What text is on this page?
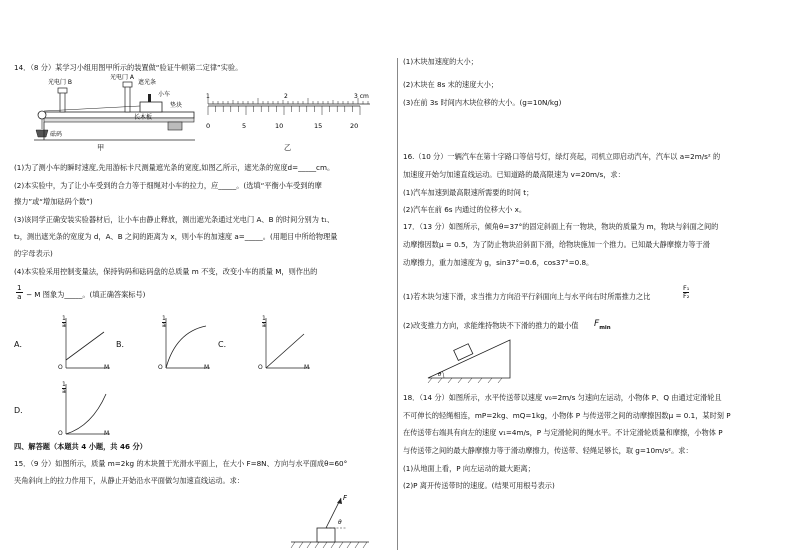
14．（8 分）某学习小组用图甲所示的装置做“验证牛顿第二定律”实验。
光电门 B
光电门 A
遮光条
小车
垫块
长木板
砝码
1	2	3 cm
0	5	10	15	20
甲	乙
(1)为了测小车的瞬时速度,先用游标卡尺测量遮光条的宽度,如图乙所示，遮光条的宽度d=_____cm。
(2)本实验中，为了让小车受到的合力等于细绳对小车的拉力，应_____。(选填“平衡小车受到的摩
擦力”或“增加砝码个数”)
(3)该同学正确安装实验器材后，让小车由静止释放，测出遮光条通过光电门 A、B 的时间分别为 t₁、
t₂，测出遮光条的宽度为 d，A、B 之间的距离为 x，则小车的加速度 a=_____。(用题目中所给物理量
的字母表示)
(4)本实验采用控制变量法，保持钩码和砝码盘的总质量 m 不变，改变小车的质量 M，则作出的
1
a − M 图象为_____。(填正确答案标号)
A．	B．	C．
D．
1
a
1
a
1
a
1
a
O	M	O	M	O	M
O	M
四、解答题（本题共 4 小题，共 46 分）
15．（9 分）如图所示，质量 m=2kg 的木块置于光滑水平面上，在大小 F=8N、方向与水平面成θ=60°
夹角斜向上的拉力作用下，从静止开始沿水平面做匀加速直线运动。求：
F
θ
(1)木块加速度的大小；
(2)木块在 8s 末的速度大小；
(3)在前 3s 时间内木块位移的大小。(g=10N/kg)
16.（10 分）一辆汽车在第十字路口等信号灯，绿灯亮起，司机立即启动汽车，汽车以 a=2m/s² 的
加速度开始匀加速直线运动。已知道路的最高限速为 v=20m/s，求：
(1)汽车加速到最高限速所需要的时间 t；
(2)汽车在前 6s 内通过的位移大小 x。
17．（13 分）如图所示，倾角θ=37°的固定斜面上有一物块，物块的质量为 m，物块与斜面之间的
动摩擦因数μ = 0.5，为了防止物块沿斜面下滑，给物块施加一个推力。已知最大静摩擦力等于滑
动摩擦力，重力加速度为 g，sin37°=0.6，cos37°=0.8。
(1)若木块匀速下滑，求当推力方向沿平行斜面向上与水平向右时所需推力之比
F₁
F₂
(2)改变推力方向，求能维持物块不下滑的推力的最小值 $F_{min}$
θ
18．（14 分）如图所示，水平传送带以速度 v₀=2m/s 匀速向左运动，小物体 P、Q 由通过定滑轮且
不可伸长的轻绳相连，mP=2kg、mQ=1kg，小物体 P 与传送带之间的动摩擦因数μ = 0.1，某时刻 P
在传送带右端具有向左的速度 v₁=4m/s，P 与定滑轮间的绳水平。不计定滑轮质量和摩擦，小物体 P
与传送带之间的最大静摩擦力等于滑动摩擦力，传送带、轻绳足够长，取 g=10m/s²。求：
(1)从地面上看，P 向左运动的最大距离；
(2)P 离开传送带时的速度。(结果可用根号表示)
